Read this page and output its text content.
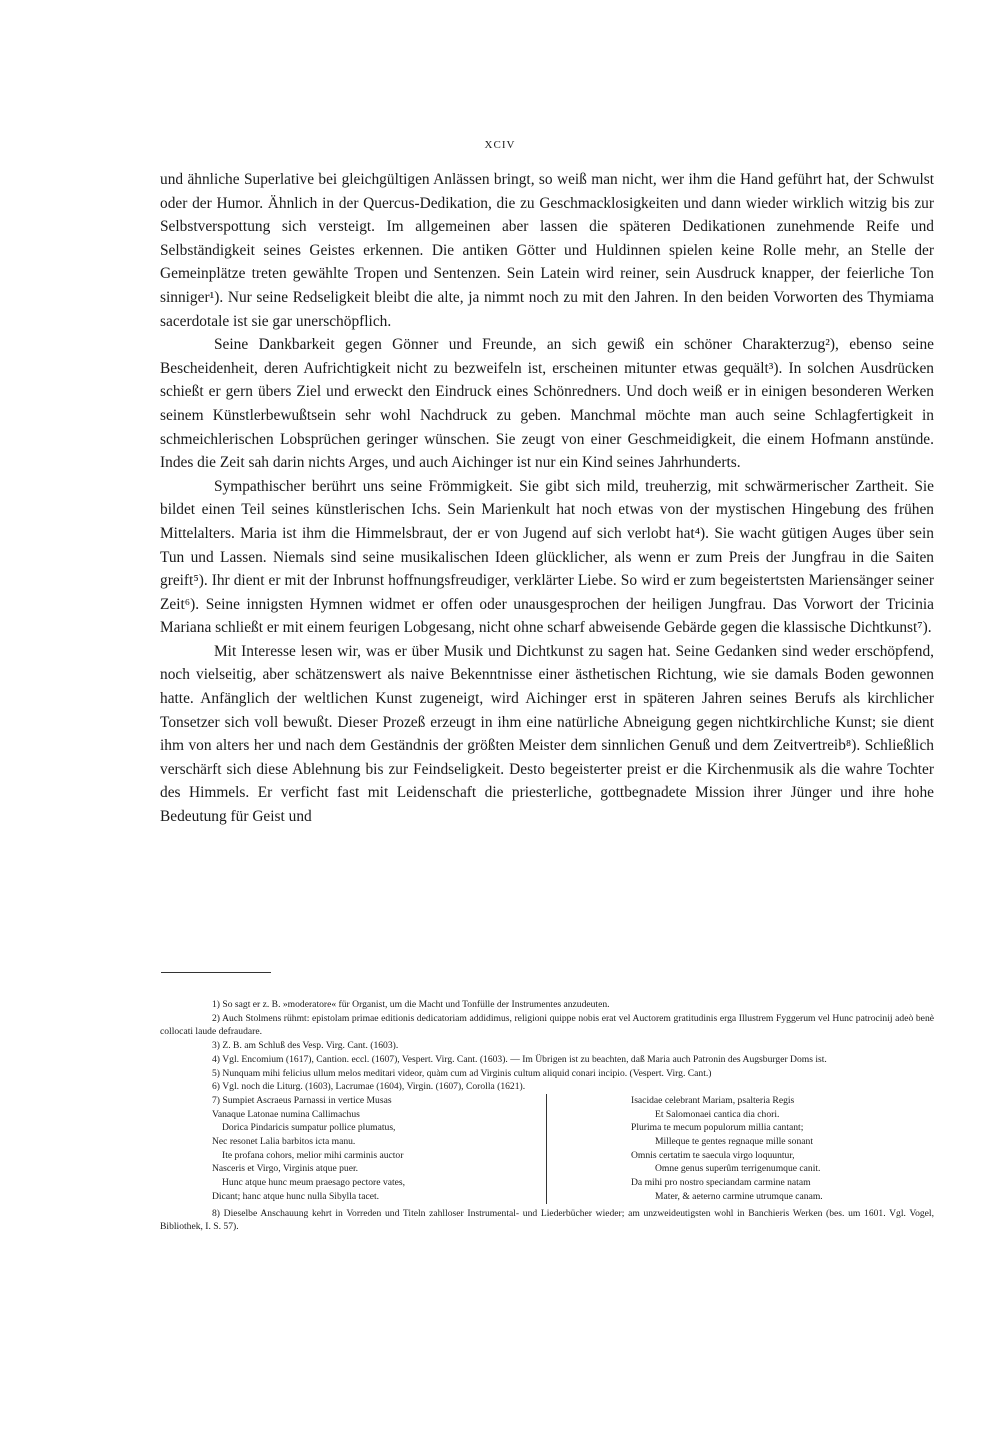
XCIV

und ähnliche Superlative bei gleichgültigen Anlässen bringt, so weiß man nicht, wer ihm die Hand geführt hat, der Schwulst oder der Humor. Ähnlich in der Quercus-Dedikation, die zu Geschmacklosigkeiten und dann wieder wirklich witzig bis zur Selbstverspottung sich versteigt. Im allgemeinen aber lassen die späteren Dedikationen zunehmende Reife und Selbständigkeit seines Geistes erkennen. Die antiken Götter und Huldinnen spielen keine Rolle mehr, an Stelle der Gemeinplätze treten gewählte Tropen und Sentenzen. Sein Latein wird reiner, sein Ausdruck knapper, der feierliche Ton sinniger¹). Nur seine Redseligkeit bleibt die alte, ja nimmt noch zu mit den Jahren. In den beiden Vorworten des Thymiama sacerdotale ist sie gar unerschöpflich.

Seine Dankbarkeit gegen Gönner und Freunde, an sich gewiß ein schöner Charakterzug²), ebenso seine Bescheidenheit, deren Aufrichtigkeit nicht zu bezweifeln ist, erscheinen mitunter etwas gequält³). In solchen Ausdrücken schießt er gern übers Ziel und erweckt den Eindruck eines Schönredners. Und doch weiß er in einigen besonderen Werken seinem Künstlerbewußtsein sehr wohl Nachdruck zu geben. Manchmal möchte man auch seine Schlagfertigkeit in schmeichlerischen Lobsprüchen geringer wünschen. Sie zeugt von einer Geschmeidigkeit, die einem Hofmann anstünde. Indes die Zeit sah darin nichts Arges, und auch Aichinger ist nur ein Kind seines Jahrhunderts.

Sympathischer berührt uns seine Frömmigkeit. Sie gibt sich mild, treuherzig, mit schwärmerischer Zartheit. Sie bildet einen Teil seines künstlerischen Ichs. Sein Marienkult hat noch etwas von der mystischen Hingebung des frühen Mittelalters. Maria ist ihm die Himmelsbraut, der er von Jugend auf sich verlobt hat⁴). Sie wacht gütigen Auges über sein Tun und Lassen. Niemals sind seine musikalischen Ideen glücklicher, als wenn er zum Preis der Jungfrau in die Saiten greift⁵). Ihr dient er mit der Inbrunst hoffnungsfreudiger, verklärter Liebe. So wird er zum begeistertsten Mariensänger seiner Zeit⁶). Seine innigsten Hymnen widmet er offen oder unausgesprochen der heiligen Jungfrau. Das Vorwort der Tricinia Mariana schließt er mit einem feurigen Lobgesang, nicht ohne scharf abweisende Gebärde gegen die klassische Dichtkunst⁷).

Mit Interesse lesen wir, was er über Musik und Dichtkunst zu sagen hat. Seine Gedanken sind weder erschöpfend, noch vielseitig, aber schätzenswert als naive Bekenntnisse einer ästhetischen Richtung, wie sie damals Boden gewonnen hatte. Anfänglich der weltlichen Kunst zugeneigt, wird Aichinger erst in späteren Jahren seines Berufs als kirchlicher Tonsetzer sich voll bewußt. Dieser Prozeß erzeugt in ihm eine natürliche Abneigung gegen nichtkirchliche Kunst; sie dient ihm von alters her und nach dem Geständnis der größten Meister dem sinnlichen Genuß und dem Zeitvertreib⁸). Schließlich verschärft sich diese Ablehnung bis zur Feindseligkeit. Desto begeisterter preist er die Kirchenmusik als die wahre Tochter des Himmels. Er verficht fast mit Leidenschaft die priesterliche, gottbegnadete Mission ihrer Jünger und ihre hohe Bedeutung für Geist und

1) So sagt er z. B. »moderatore« für Organist, um die Macht und Tonfülle der Instrumentes anzudeuten.

2) Auch Stolmens rühmt: epistolam primae editionis dedicatoriam addidimus, religioni quippe nobis erat vel Auctorem gratitudinis erga Illustrem Fyggerum vel Hunc patrocinij adeò benè collocati laude defraudare.

3) Z. B. am Schluß des Vesp. Virg. Cant. (1603).

4) Vgl. Encomium (1617), Cantion. eccl. (1607), Vespert. Virg. Cant. (1603). — Im Übrigen ist zu beachten, daß Maria auch Patronin des Augsburger Doms ist.

5) Nunquam mihi felicius ullum melos meditari videor, quàm cum ad Virginis cultum aliquid conari incipio. (Vespert. Virg. Cant.)

6) Vgl. noch die Liturg. (1603), Lacrumae (1604), Virgin. (1607), Corolla (1621).

7) Sumpiet Ascraeus Parnassi in vertice Musas
Vanaque Latonae numina Callimachus
Dorica Pindaricis sumpatur pollice plumatus,
Nec resonet Lalia barbitos icta manu.
Ite profana cohors, melior mihi carminis auctor
Nasceris et Virgo, Virginis atque puer.
Hunc atque hunc meum praesago pectore vates,
Dicant; hanc atque hunc nulla Sibylla tacet.
Isacidae celebrant Mariam, psalteria Regis
Et Salomonaei cantica dia chori.
Plurima te mecum populorum millia cantant;
Milleque te gentes regnaque mille sonant
Omnis certatim te saecula virgo loquuntur,
Omne genus superûm terrigenumque canit.
Da mihi pro nostro speciandam carmine natam
Mater, & aeterno carmine utrumque canam.

8) Dieselbe Anschauung kehrt in Vorreden und Titeln zahlloser Instrumental- und Liederbücher wieder; am unzweideutigsten wohl in Banchieris Werken (bes. um 1601. Vgl. Vogel, Bibliothek, I. S. 57).
